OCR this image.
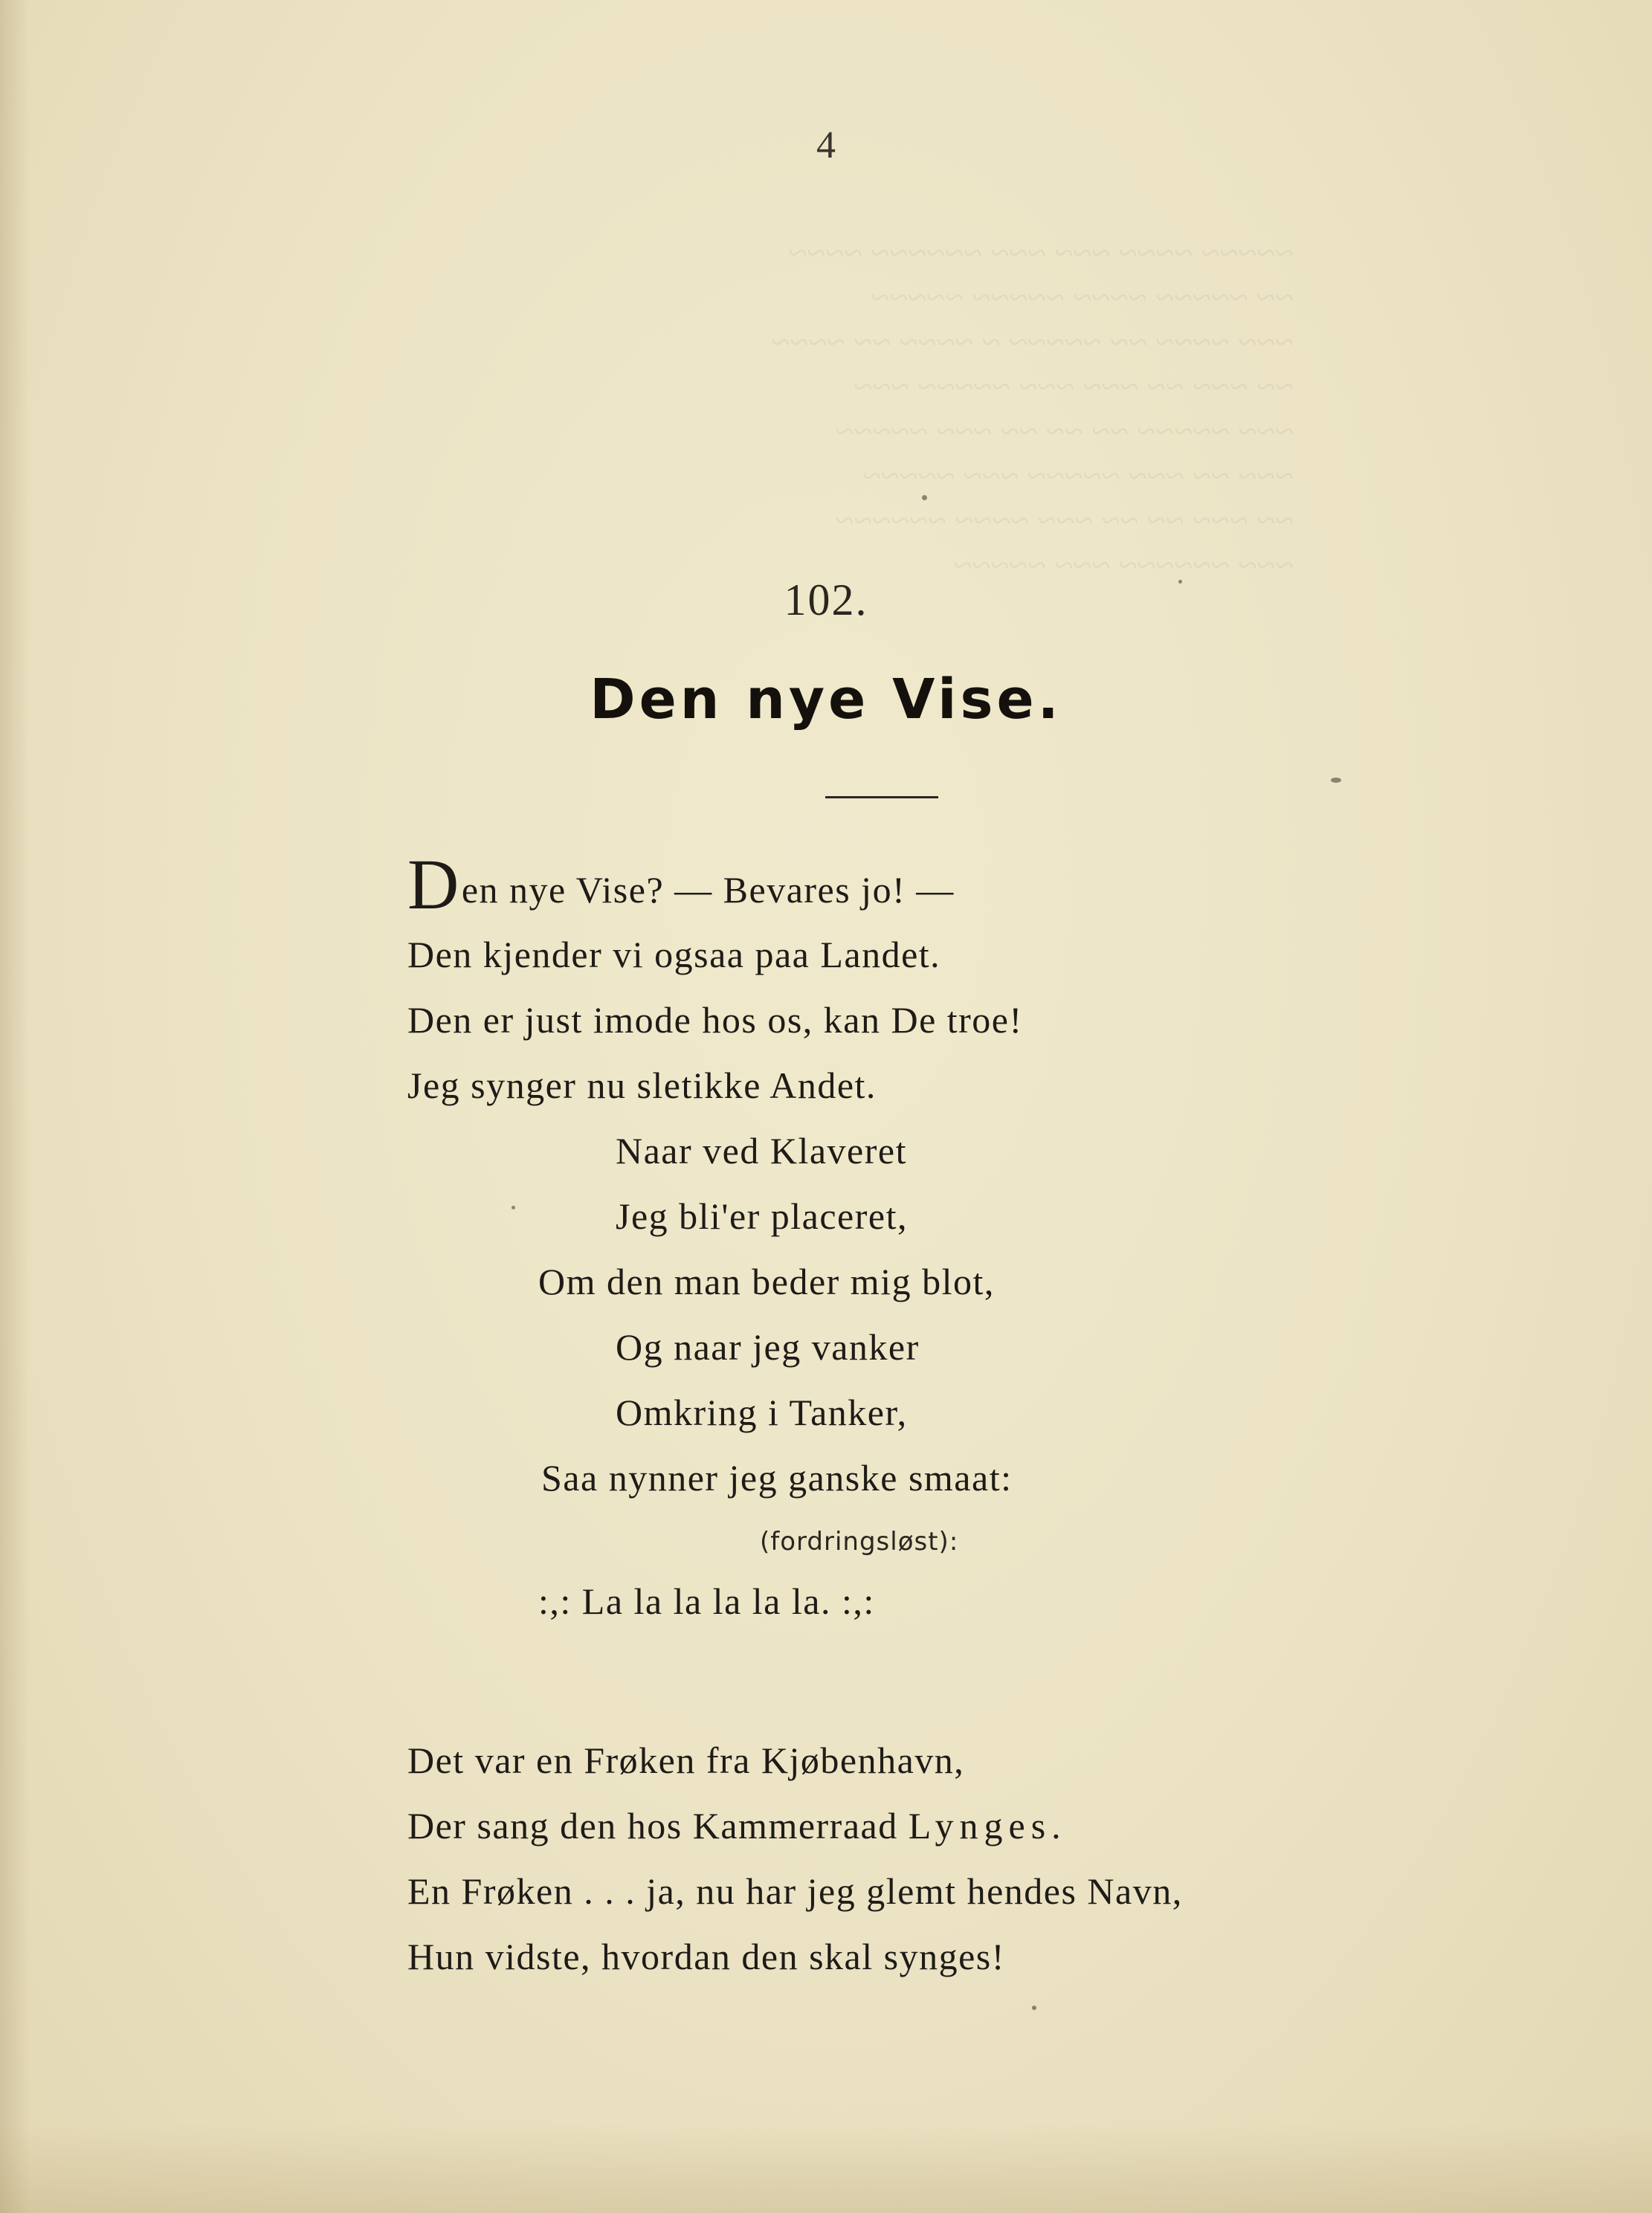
~~~~~ ~~~~ ~~~ ~~~ ~~~~~~ ~~~~
~~ ~~~~~ ~~~~ ~~~~~ ~~~~~
~~~ ~~~~ ~~ ~~~~~ ~ ~~~~ ~~ ~~~~
~~ ~~~ ~~ ~~~ ~~~ ~~~~~ ~~~
~~~ ~~~~~ ~~ ~~ ~~ ~~~ ~~~~~
~~~ ~~ ~~~ ~~~~~ ~~~ ~~~~~
~~ ~~~ ~~ ~~ ~~~ ~~~~ ~~~~~~
~~~ ~~~~~~ ~~~ ~~~~~
4
102.
Den nye Vise.
Den nye Vise? — Bevares jo! —
Den kjender vi ogsaa paa Landet.
Den er just imode hos os, kan De troe!
Jeg synger nu sletikke Andet.
Naar ved Klaveret
Jeg bli'er placeret,
Om den man beder mig blot,
Og naar jeg vanker
Omkring i Tanker,
Saa nynner jeg ganske smaat:
(fordringsløst):
:,: La la la la la la. :,:
Det var en Frøken fra Kjøbenhavn,
Der sang den hos Kammerraad Lynges.
En Frøken . . . ja, nu har jeg glemt hendes Navn,
Hun vidste, hvordan den skal synges!
